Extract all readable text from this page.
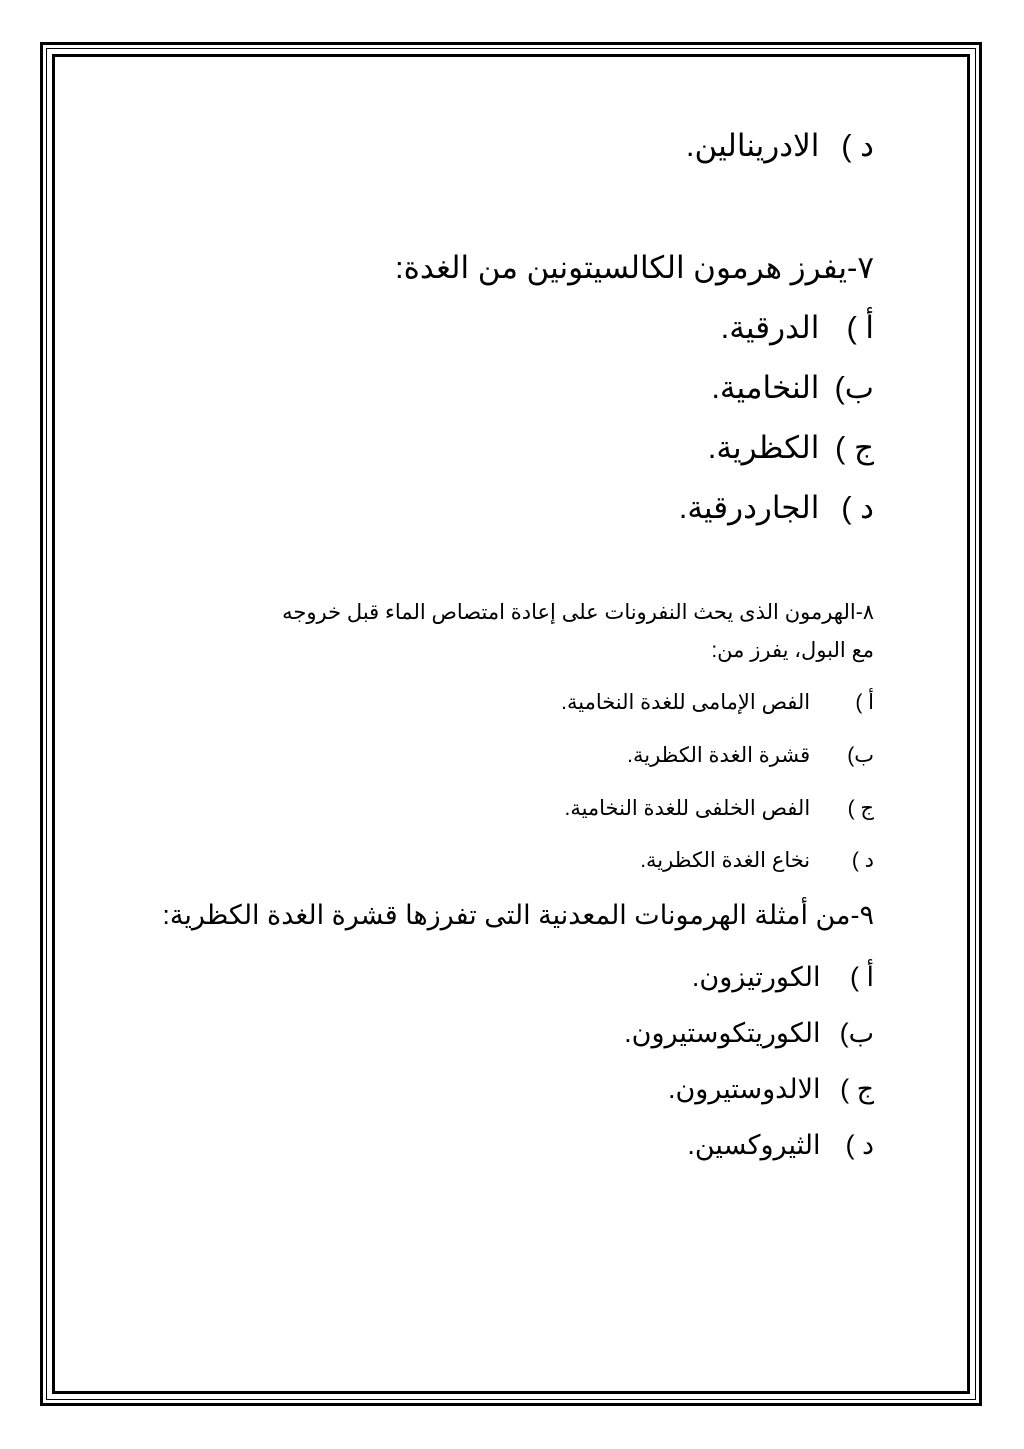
د ) الادرينالين.
٧-يفرز هرمون الكالسيتونين من الغدة:
أ ) الدرقية.
ب) النخامية.
ج ) الكظرية.
د ) الجاردرقية.
٨-الهرمون الذى يحث النفرونات على إعادة امتصاص الماء قبل خروجه
مع البول، يفرز من:
أ ) الفص الإمامى للغدة النخامية.
ب) قشرة الغدة الكظرية.
ج ) الفص الخلفى للغدة النخامية.
د ) نخاع الغدة الكظرية.
٩-من أمثلة الهرمونات المعدنية التى تفرزها قشرة الغدة الكظرية:
أ ) الكورتيزون.
ب) الكوريتكوستيرون.
ج ) الالدوستيرون.
د ) الثيروكسين.
